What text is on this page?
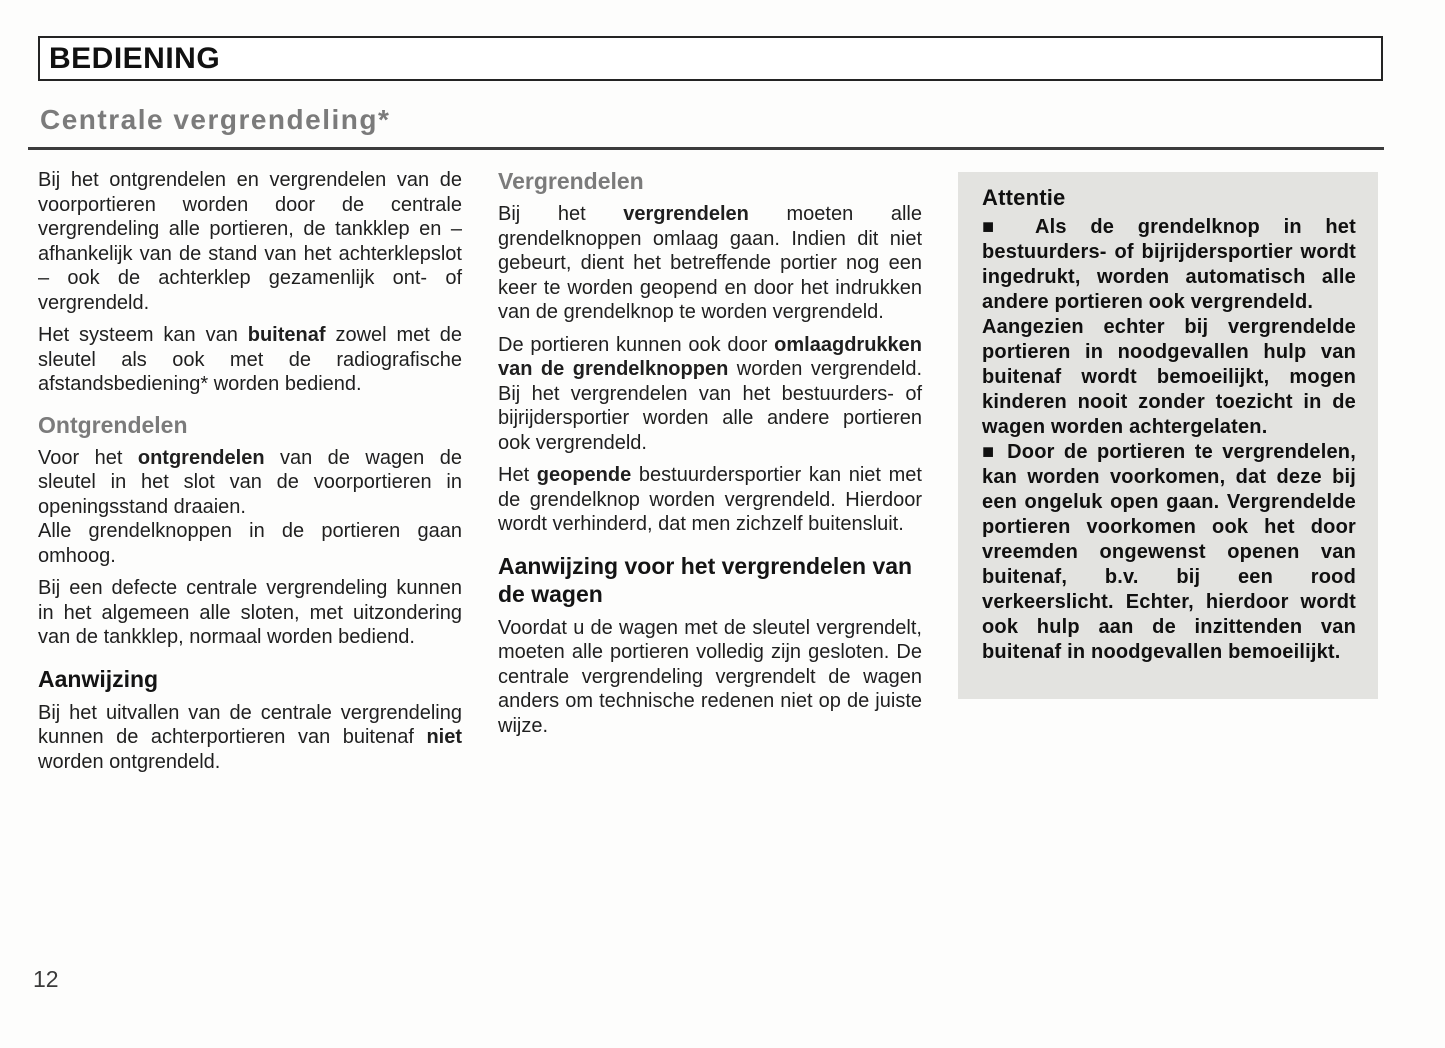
BEDIENING
Centrale vergrendeling*
Bij het ontgrendelen en vergrendelen van de voorportieren worden door de centrale vergrendeling alle portieren, de tankklep en – afhankelijk van de stand van het achterklepslot – ook de achterklep gezamenlijk ont- of vergrendeld.
Het systeem kan van buitenaf zowel met de sleutel als ook met de radiografische afstandsbediening* worden bediend.
Ontgrendelen
Voor het ontgrendelen van de wagen de sleutel in het slot van de voorportieren in openingsstand draaien.
Alle grendelknoppen in de portieren gaan omhoog.
Bij een defecte centrale vergrendeling kunnen in het algemeen alle sloten, met uitzondering van de tankklep, normaal worden bediend.
Aanwijzing
Bij het uitvallen van de centrale vergrendeling kunnen de achterportieren van buitenaf niet worden ontgrendeld.
Vergrendelen
Bij het vergrendelen moeten alle grendelknoppen omlaag gaan. Indien dit niet gebeurt, dient het betreffende portier nog een keer te worden geopend en door het indrukken van de grendelknop te worden vergrendeld.
De portieren kunnen ook door omlaagdrukken van de grendelknoppen worden vergrendeld. Bij het vergrendelen van het bestuurders- of bijrijdersportier worden alle andere portieren ook vergrendeld.
Het geopende bestuurdersportier kan niet met de grendelknop worden vergrendeld. Hierdoor wordt verhinderd, dat men zichzelf buitensluit.
Aanwijzing voor het vergrendelen van de wagen
Voordat u de wagen met de sleutel vergrendelt, moeten alle portieren volledig zijn gesloten. De centrale vergrendeling vergrendelt de wagen anders om technische redenen niet op de juiste wijze.
Attentie
■ Als de grendelknop in het bestuurders- of bijrijdersportier wordt ingedrukt, worden automatisch alle andere portieren ook vergrendeld.
Aangezien echter bij vergrendelde portieren in noodgevallen hulp van buitenaf wordt bemoeilijkt, mogen kinderen nooit zonder toezicht in de wagen worden achtergelaten.
■ Door de portieren te vergrendelen, kan worden voorkomen, dat deze bij een ongeluk open gaan. Vergrendelde portieren voorkomen ook het door vreemden ongewenst openen van buitenaf, b.v. bij een rood verkeerslicht. Echter, hierdoor wordt ook hulp aan de inzittenden van buitenaf in noodgevallen bemoeilijkt.
12
